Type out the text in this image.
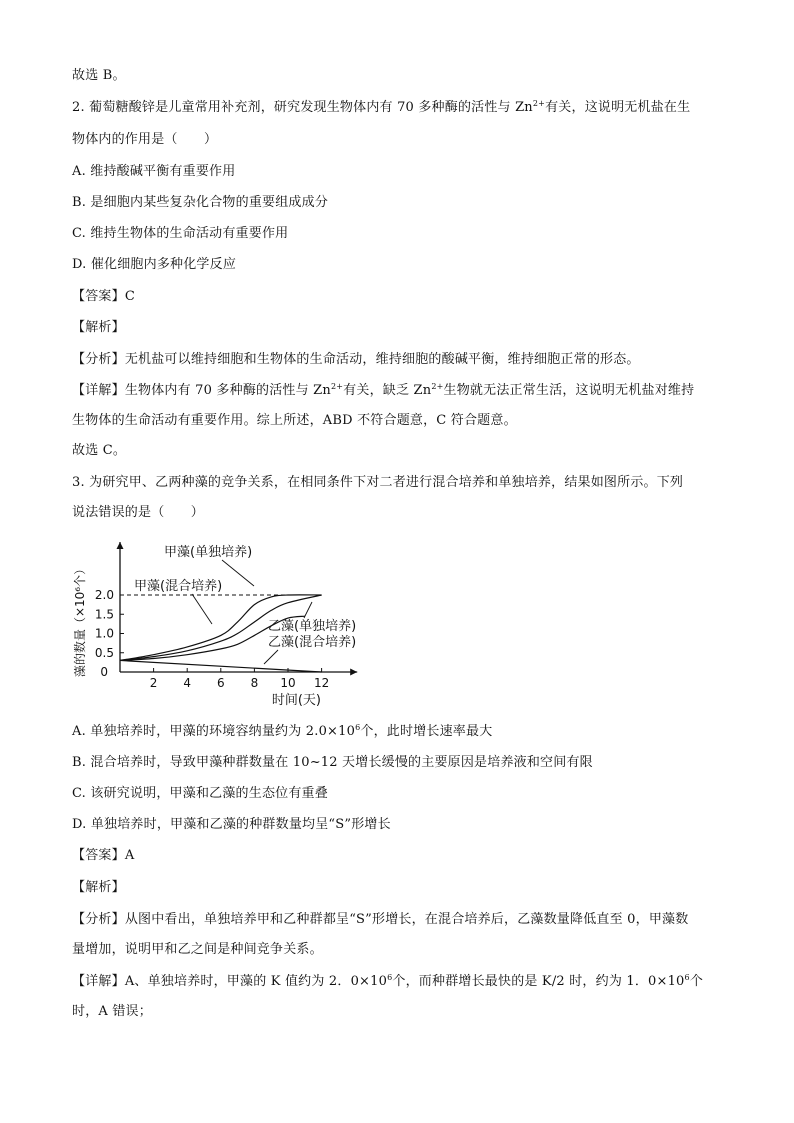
故选 B。
2. 葡萄糖酸锌是儿童常用补充剂，研究发现生物体内有 70 多种酶的活性与 $Zn^{2+}$有关，这说明无机盐在生
物体内的作用是（　　）
A. 维持酸碱平衡有重要作用
B. 是细胞内某些复杂化合物的重要组成成分
C. 维持生物体的生命活动有重要作用
D. 催化细胞内多种化学反应
【答案】C
【解析】
【分析】无机盐可以维持细胞和生物体的生命活动，维持细胞的酸碱平衡，维持细胞正常的形态。
【详解】生物体内有 70 多种酶的活性与 $Zn^{2+}$有关，缺乏 $Zn^{2+}$生物就无法正常生活，这说明无机盐对维持
生物体的生命活动有重要作用。综上所述，ABD 不符合题意，C 符合题意。
故选 C。
3. 为研究甲、乙两种藻的竞争关系，在相同条件下对二者进行混合培养和单独培养，结果如图所示。下列
说法错误的是（　　）
2 4 6 8 10 12
0
0.5
1.0
1.5
2.0
时间(天)
藻的数量（×10⁶个）
甲藻(单独培养)
甲藻(混合培养)
乙藻(单独培养)
乙藻(混合培养)
A. 单独培养时，甲藻的环境容纳量约为 $2.0\times 10^6$个，此时增长速率最大
B. 混合培养时，导致甲藻种群数量在 10~12 天增长缓慢的主要原因是培养液和空间有限
C. 该研究说明，甲藻和乙藻的生态位有重叠
D. 单独培养时，甲藻和乙藻的种群数量均呈“S”形增长
【答案】A
【解析】
【分析】从图中看出，单独培养甲和乙种群都呈“S”形增长，在混合培养后，乙藻数量降低直至 0，甲藻数
量增加，说明甲和乙之间是种间竞争关系。
【详解】A、单独培养时，甲藻的 K 值约为 2．$0\times 10^6$个，而种群增长最快的是 K/2 时，约为 1．$0\times 10^6$个
时，A 错误；
